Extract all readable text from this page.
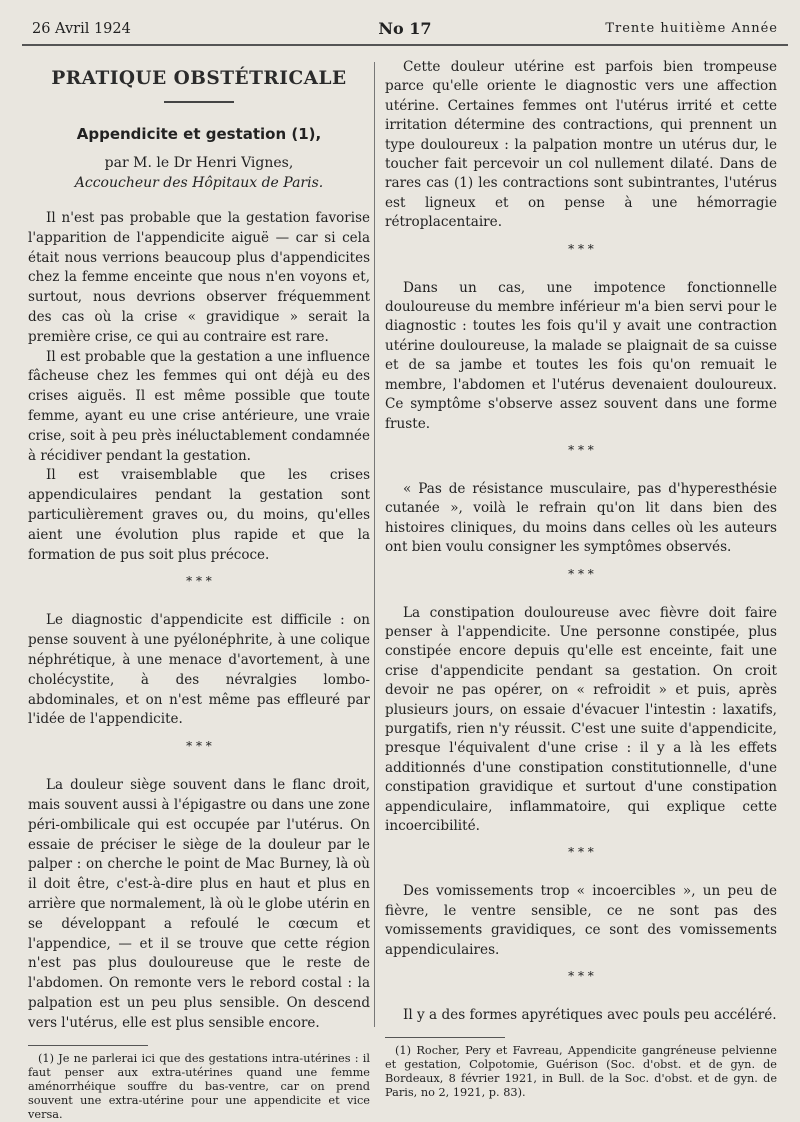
26 Avril 1924	No 17	Trente huitième Année
PRATIQUE OBSTÉTRICALE
Appendicite et gestation (1),
par M. le Dr Henri Vignes,
Accoucheur des Hôpitaux de Paris.

Il n'est pas probable que la gestation favorise l'apparition de l'appendicite aiguë — car si cela était nous verrions beaucoup plus d'appendicites chez la femme enceinte que nous n'en voyons et, surtout, nous devrions observer fréquemment des cas où la crise « gravidique » serait la première crise, ce qui au contraire est rare.

Il est probable que la gestation a une influence fâcheuse chez les femmes qui ont déjà eu des crises aiguës. Il est même possible que toute femme, ayant eu une crise antérieure, une vraie crise, soit à peu près inéluctablement condamnée à récidiver pendant la gestation.

Il est vraisemblable que les crises appendiculaires pendant la gestation sont particulièrement graves ou, du moins, qu'elles aient une évolution plus rapide et que la formation de pus soit plus précoce.

* * *

Le diagnostic d'appendicite est difficile : on pense souvent à une pyélonéphrite, à une colique néphrétique, à une menace d'avortement, à une cholécystite, à des névralgies lombo-abdominales, et on n'est même pas effleuré par l'idée de l'appendicite.

* * *

La douleur siège souvent dans le flanc droit, mais souvent aussi à l'épigastre ou dans une zone péri-ombilicale qui est occupée par l'utérus. On essaie de préciser le siège de la douleur par le palper : on cherche le point de Mac Burney, là où il doit être, c'est-à-dire plus en haut et plus en arrière que normalement, là où le globe utérin en se développant a refoulé le cœcum et l'appendice, — et il se trouve que cette région n'est pas plus douloureuse que le reste de l'abdomen. On remonte vers le rebord costal : la palpation est un peu plus sensible. On descend vers l'utérus, elle est plus sensible encore.

(1) Je ne parlerai ici que des gestations intra-utérines : il faut penser aux extra-utérines quand une femme aménorrhéique souffre du bas-ventre, car on prend souvent une extra-utérine pour une appendicite et vice versa.

Cette douleur utérine est parfois bien trompeuse parce qu'elle oriente le diagnostic vers une affection utérine. Certaines femmes ont l'utérus irrité et cette irritation détermine des contractions, qui prennent un type douloureux : la palpation montre un utérus dur, le toucher fait percevoir un col nullement dilaté. Dans de rares cas (1) les contractions sont subintrantes, l'utérus est ligneux et on pense à une hémorragie rétroplacentaire.

* * *

Dans un cas, une impotence fonctionnelle douloureuse du membre inférieur m'a bien servi pour le diagnostic : toutes les fois qu'il y avait une contraction utérine douloureuse, la malade se plaignait de sa cuisse et de sa jambe et toutes les fois qu'on remuait le membre, l'abdomen et l'utérus devenaient douloureux. Ce symptôme s'observe assez souvent dans une forme fruste.

* * *

« Pas de résistance musculaire, pas d'hyperesthésie cutanée », voilà le refrain qu'on lit dans bien des histoires cliniques, du moins dans celles où les auteurs ont bien voulu consigner les symptômes observés.

* * *

La constipation douloureuse avec fièvre doit faire penser à l'appendicite. Une personne constipée, plus constipée encore depuis qu'elle est enceinte, fait une crise d'appendicite pendant sa gestation. On croit devoir ne pas opérer, on « refroidit » et puis, après plusieurs jours, on essaie d'évacuer l'intestin : laxatifs, purgatifs, rien n'y réussit. C'est une suite d'appendicite, presque l'équivalent d'une crise : il y a là les effets additionnés d'une constipation constitutionnelle, d'une constipation gravidique et surtout d'une constipation appendiculaire, inflammatoire, qui explique cette incoercibilité.

* * *

Des vomissements trop « incoercibles », un peu de fièvre, le ventre sensible, ce ne sont pas des vomissements gravidiques, ce sont des vomissements appendiculaires.

* * *

Il y a des formes apyrétiques avec pouls peu accéléré.

(1) Rocher, Pery et Favreau, Appendicite gangréneuse pelvienne et gestation, Colpotomie, Guérison (Soc. d'obst. et de gyn. de Bordeaux, 8 février 1921, in Bull. de la Soc. d'obst. et de gyn. de Paris, no 2, 1921, p. 83).
